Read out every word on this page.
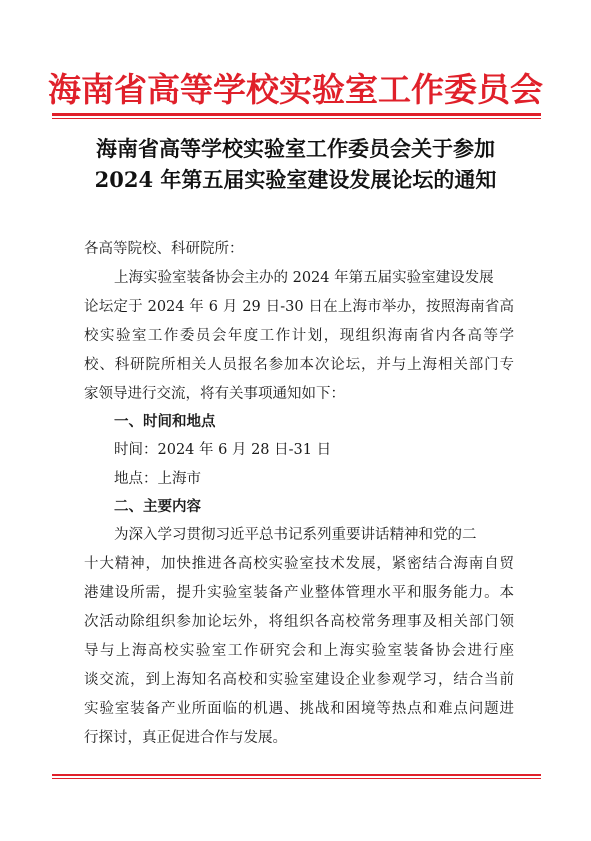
海南省高等学校实验室工作委员会
海南省高等学校实验室工作委员会关于参加
2024 年第五届实验室建设发展论坛的通知
各高等院校、科研院所：
上海实验室装备协会主办的 2024 年第五届实验室建设发展
论坛定于 2024 年 6 月 29 日-30 日在上海市举办，按照海南省高
校实验室工作委员会年度工作计划，现组织海南省内各高等学
校、科研院所相关人员报名参加本次论坛，并与上海相关部门专
家领导进行交流，将有关事项通知如下：
一、时间和地点
时间：2024 年 6 月 28 日-31 日
地点：上海市
二、主要内容
为深入学习贯彻习近平总书记系列重要讲话精神和党的二
十大精神，加快推进各高校实验室技术发展，紧密结合海南自贸
港建设所需，提升实验室装备产业整体管理水平和服务能力。本
次活动除组织参加论坛外，将组织各高校常务理事及相关部门领
导与上海高校实验室工作研究会和上海实验室装备协会进行座
谈交流，到上海知名高校和实验室建设企业参观学习，结合当前
实验室装备产业所面临的机遇、挑战和困境等热点和难点问题进
行探讨，真正促进合作与发展。
